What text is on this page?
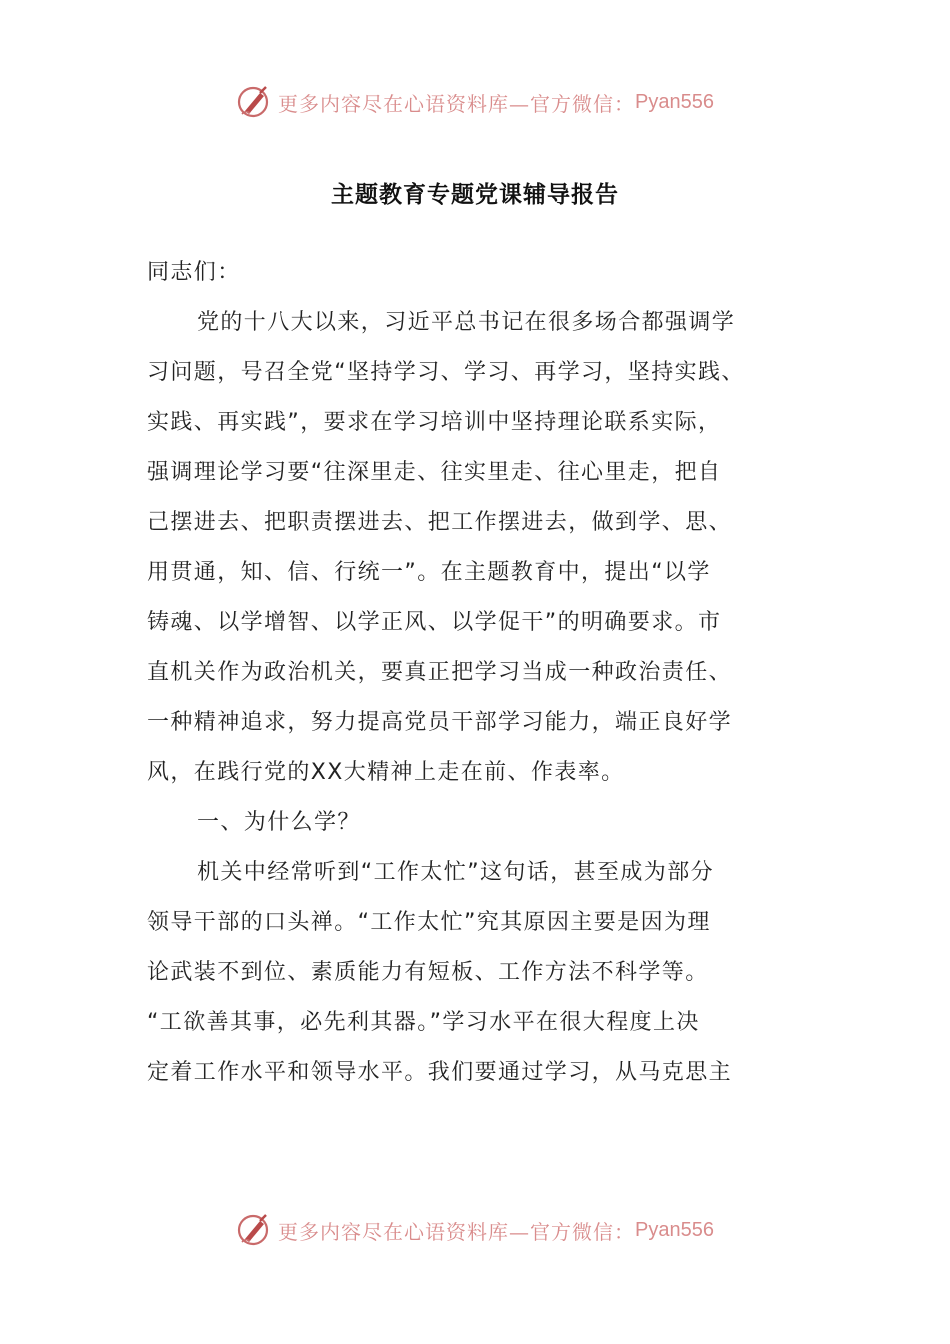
更多内容尽在心语资料库—官方微信： Pyan556
主题教育专题党课辅导报告
同志们：
党的十八大以来，习近平总书记在很多场合都强调学
习问题，号召全党“坚持学习、学习、再学习，坚持实践、
实践、再实践”，要求在学习培训中坚持理论联系实际，
强调理论学习要“往深里走、往实里走、往心里走，把自
己摆进去、把职责摆进去、把工作摆进去，做到学、思、
用贯通，知、信、行统一”。在主题教育中，提出“以学
铸魂、以学增智、以学正风、以学促干”的明确要求。市
直机关作为政治机关，要真正把学习当成一种政治责任、
一种精神追求，努力提高党员干部学习能力，端正良好学
风，在践行党的XX大精神上走在前、作表率。
一、为什么学？
机关中经常听到“工作太忙”这句话，甚至成为部分
领导干部的口头禅。“工作太忙”究其原因主要是因为理
论武装不到位、素质能力有短板、工作方法不科学等。
“工欲善其事，必先利其器。”学习水平在很大程度上决
定着工作水平和领导水平。我们要通过学习，从马克思主
更多内容尽在心语资料库—官方微信： Pyan556
